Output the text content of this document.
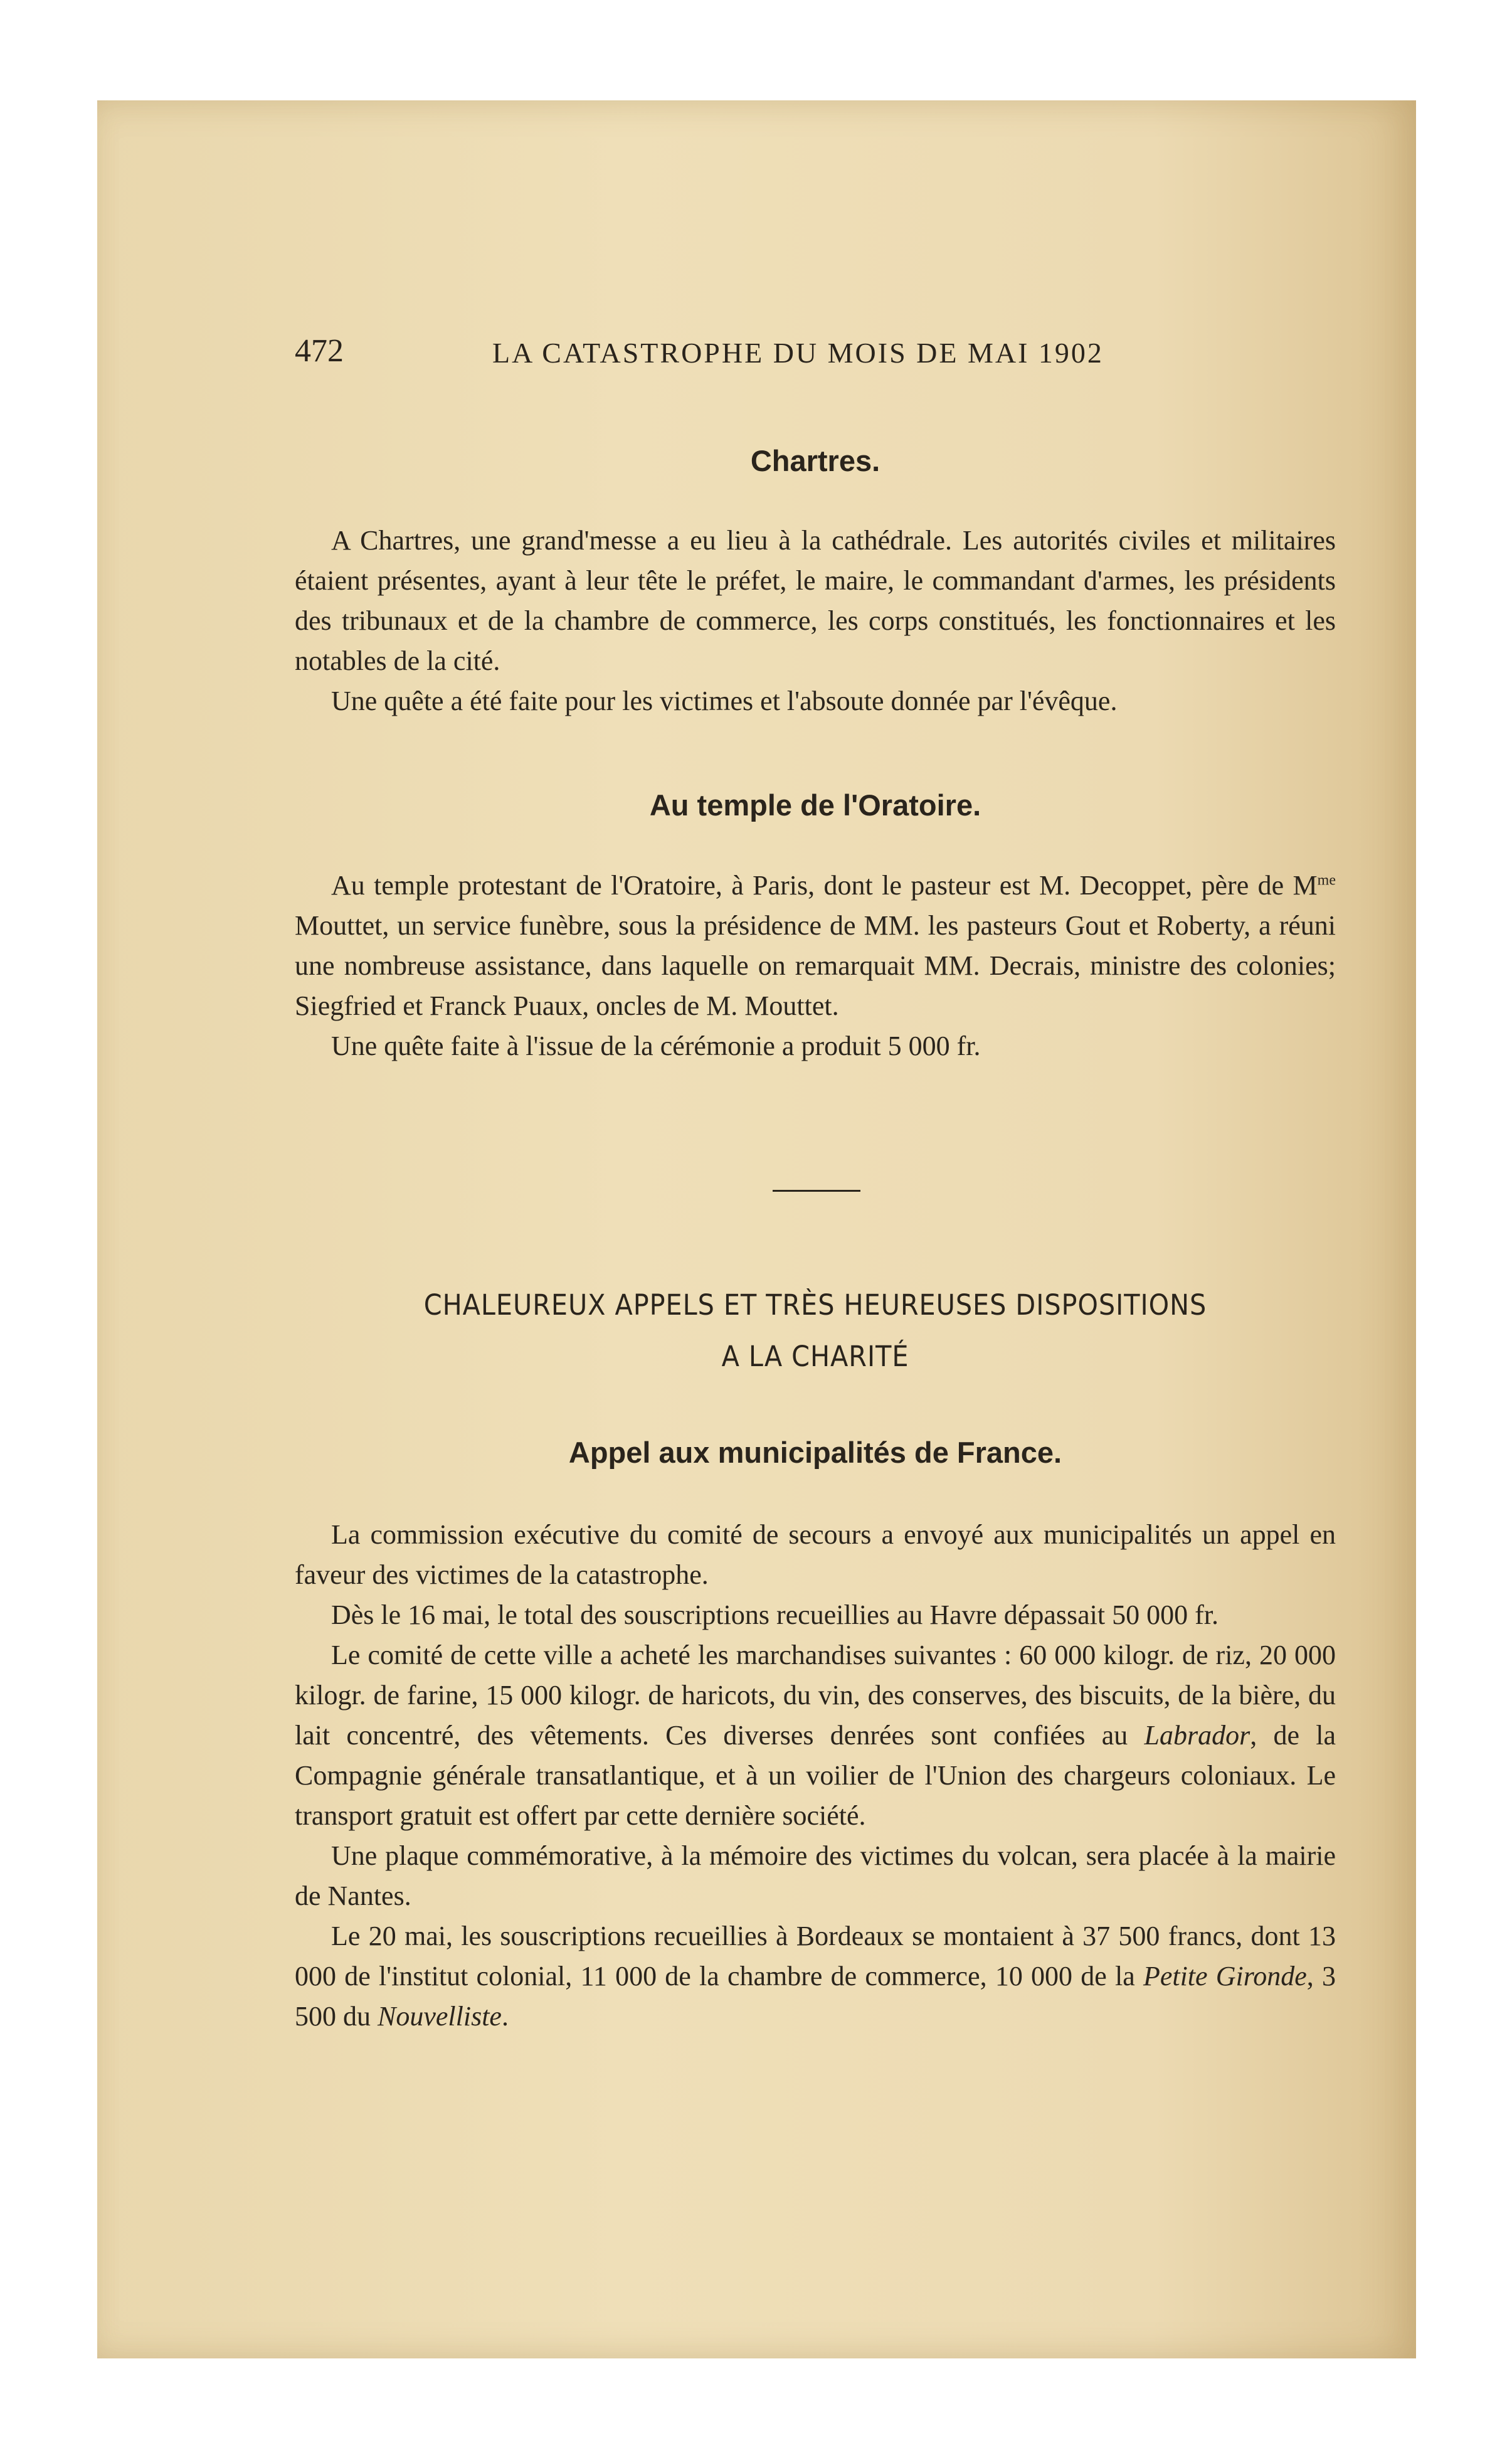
472	LA CATASTROPHE DU MOIS DE MAI 1902
Chartres.

A Chartres, une grand'messe a eu lieu à la cathédrale. Les autorités civiles et militaires étaient présentes, ayant à leur tête le préfet, le maire, le commandant d'armes, les présidents des tribunaux et de la chambre de commerce, les corps constitués, les fonctionnaires et les notables de la cité.

Une quête a été faite pour les victimes et l'absoute donnée par l'évêque.

Au temple de l'Oratoire.

Au temple protestant de l'Oratoire, à Paris, dont le pasteur est M. Decoppet, père de $M^{me}$ Mouttet, un service funèbre, sous la présidence de MM. les pasteurs Gout et Roberty, a réuni une nombreuse assistance, dans laquelle on remarquait MM. Decrais, ministre des colonies; Siegfried et Franck Puaux, oncles de M. Mouttet.

Une quête faite à l'issue de la cérémonie a produit 5 000 fr.

CHALEUREUX APPELS ET TRÈS HEUREUSES DISPOSITIONS
A LA CHARITÉ
Appel aux municipalités de France.

La commission exécutive du comité de secours a envoyé aux municipalités un appel en faveur des victimes de la catastrophe.

Dès le 16 mai, le total des souscriptions recueillies au Havre dépassait 50 000 fr.

Le comité de cette ville a acheté les marchandises suivantes : 60 000 kilogr. de riz, 20 000 kilogr. de farine, 15 000 kilogr. de haricots, du vin, des conserves, des biscuits, de la bière, du lait concentré, des vêtements. Ces diverses denrées sont confiées au Labrador, de la Compagnie générale transatlantique, et à un voilier de l'Union des chargeurs coloniaux. Le transport gratuit est offert par cette dernière société.

Une plaque commémorative, à la mémoire des victimes du volcan, sera placée à la mairie de Nantes.

Le 20 mai, les souscriptions recueillies à Bordeaux se montaient à 37 500 francs, dont 13 000 de l'institut colonial, 11 000 de la chambre de commerce, 10 000 de la Petite Gironde, 3 500 du Nouvelliste.
